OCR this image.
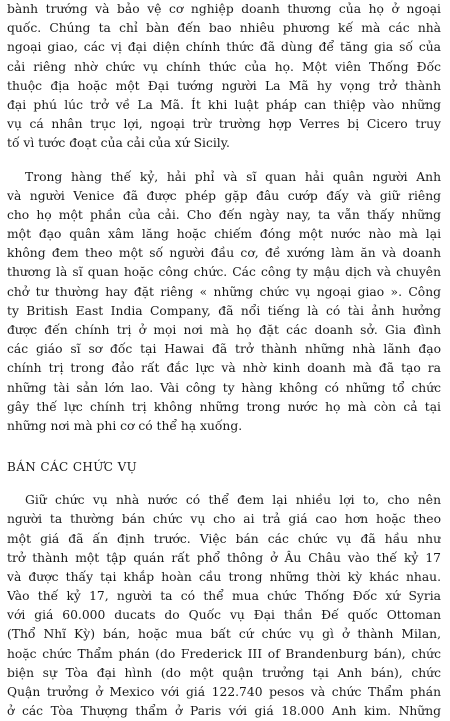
bành trướng và bảo vệ cơ nghiệp doanh thương của họ ở ngoại
quốc. Chúng ta chỉ bàn đến bao nhiêu phương kế mà các nhà
ngoại giao, các vị đại diện chính thức đã dùng để tăng gia số của
cải riêng nhờ chức vụ chính thức của họ. Một viên Thống Đốc
thuộc địa hoặc một Đại tướng người La Mã hy vọng trở thành
đại phú lúc trở về La Mã. Ít khi luật pháp can thiệp vào những
vụ cá nhân trục lợi, ngoại trừ trường hợp Verres bị Cicero truy
tố vì tước đoạt của cải của xứ Sicily.
Trong hàng thế kỷ, hải phỉ và sĩ quan hải quân người Anh
và người Venice đã được phép gặp đâu cướp đấy và giữ riêng
cho họ một phần của cải. Cho đến ngày nay, ta vẫn thấy những
một đạo quân xâm lăng hoặc chiếm đóng một nước nào mà lại
không đem theo một số người đầu cơ, đề xướng làm ăn và doanh
thương là sĩ quan hoặc công chức. Các công ty mậu dịch và chuyên
chở tư thường hay đặt riêng « những chức vụ ngoại giao ». Công
ty British East India Company, đã nổi tiếng là có tài ảnh hưởng
được đến chính trị ở mọi nơi mà họ đặt các doanh sở. Gia đình
các giáo sĩ sơ đốc tại Hawai đã trở thành những nhà lãnh đạo
chính trị trong đảo rất đắc lực và nhờ kinh doanh mà đã tạo ra
những tài sản lớn lao. Vài công ty hàng không có những tổ chức
gây thế lực chính trị không những trong nước họ mà còn cả tại
những nơi mà phi cơ có thể hạ xuống.
BÁN CÁC CHỨC VỤ
Giữ chức vụ nhà nước có thể đem lại nhiều lợi to, cho nên
người ta thường bán chức vụ cho ai trả giá cao hơn hoặc theo
một giá đã ấn định trước. Việc bán các chức vụ đã hầu như
trở thành một tập quán rất phổ thông ở Âu Châu vào thế kỷ 17
và được thấy tại khắp hoàn cầu trong những thời kỳ khác nhau.
Vào thế kỷ 17, người ta có thể mua chức Thống Đốc xứ Syria
với giá 60.000 ducats do Quốc vụ Đại thần Đế quốc Ottoman
(Thổ Nhĩ Kỳ) bán, hoặc mua bất cứ chức vụ gì ở thành Milan,
hoặc chức Thẩm phán (do Frederick III of Brandenburg bán), chức
biện sự Tòa đại hình (do một quận trưởng tại Anh bán), chức
Quận trưởng ở Mexico với giá 122.740 pesos và chức Thẩm phán
ở các Tòa Thượng thẩm ở Paris với giá 18.000 Anh kim. Những
